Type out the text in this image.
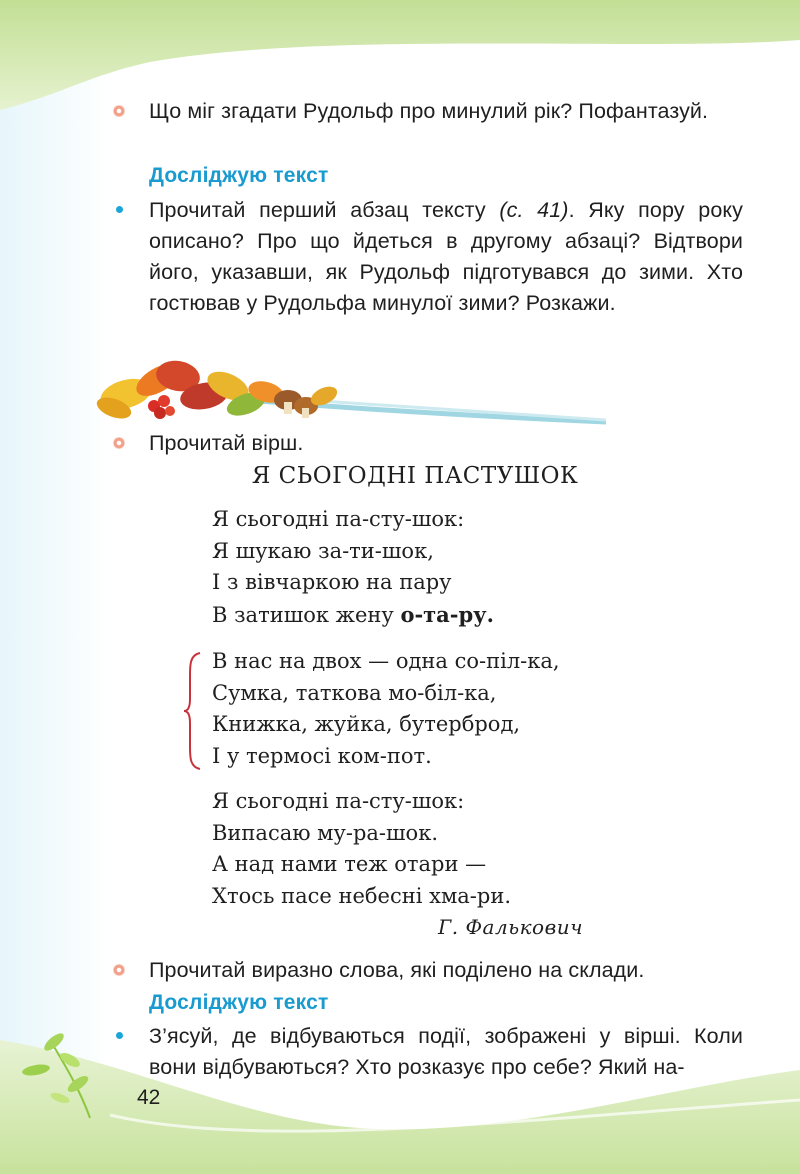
Що міг згадати Рудольф про минулий рік? Пофантазуй.
Досліджую текст
Прочитай перший абзац тексту (с. 41). Яку пору року описано? Про що йдеться в другому абзаці? Відтвори його, указавши, як Рудольф підготувався до зими. Хто гостював у Рудольфа минулої зими? Розкажи.
Прочитай вірш.
Я СЬОГОДНІ ПАСТУШОК
Я сьогодні па-сту-шок:
Я шукаю за-ти-шок,
І з вівчаркою на пару
В затишок жену о-та-ру.
В нас на двох — одна со-піл-ка,
Сумка, таткова мо-біл-ка,
Книжка, жуйка, бутерброд,
І у термосі ком-пот.
Я сьогодні па-сту-шок:
Випасаю му-ра-шок.
А над нами теж отари —
Хтось пасе небесні хма-ри.
Г. Фалькович
Прочитай виразно слова, які поділено на склади.
Досліджую текст
З’ясуй, де відбуваються події, зображені у вірші. Коли вони відбуваються? Хто розказує про себе? Який на-
42
